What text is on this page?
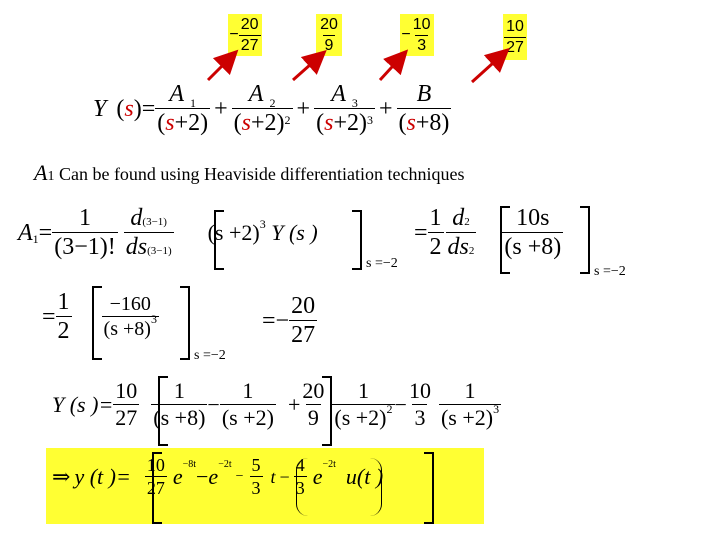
− $\frac{20}{27}$	$\frac{20}{9}$	− $\frac{10}{3}$	$\frac{10}{27}$
Y ( s ) = $\frac{A _1}{(s+2)} + \frac{A _2}{(s+2)^2} + \frac{A _3}{(s+2)^3} + \frac{B}{(s+8)}$
A1 Can be found using Heaviside differentiation techniques
A $1 = \frac{1}{(3-1)!} \frac{d(3-1)}{ds(3-1)} (s +2)^3$ Y (s )
s =−2
= $\frac{1}{2} \frac{d2}{ds2} \frac{10s}{(s +8)}$
s =−2
= $\frac{1}{2} \frac{-160}{(s +8)^3}$
s =−2
=− $\frac{20}{27}$
Y (s )= $\frac{10}{27} \frac{1}{(s +8)} - \frac{1}{(s +2)} + \frac{20}{9} \frac{1}{(s +2)^2} - \frac{10}{3} \frac{1}{(s +2)^3}$
⇒ y (t )= $\frac{10}{27}$ e −8t − e −2t
− $\frac{5}{3}$ $t - \frac{4}{3}$ e −2t u(t )
